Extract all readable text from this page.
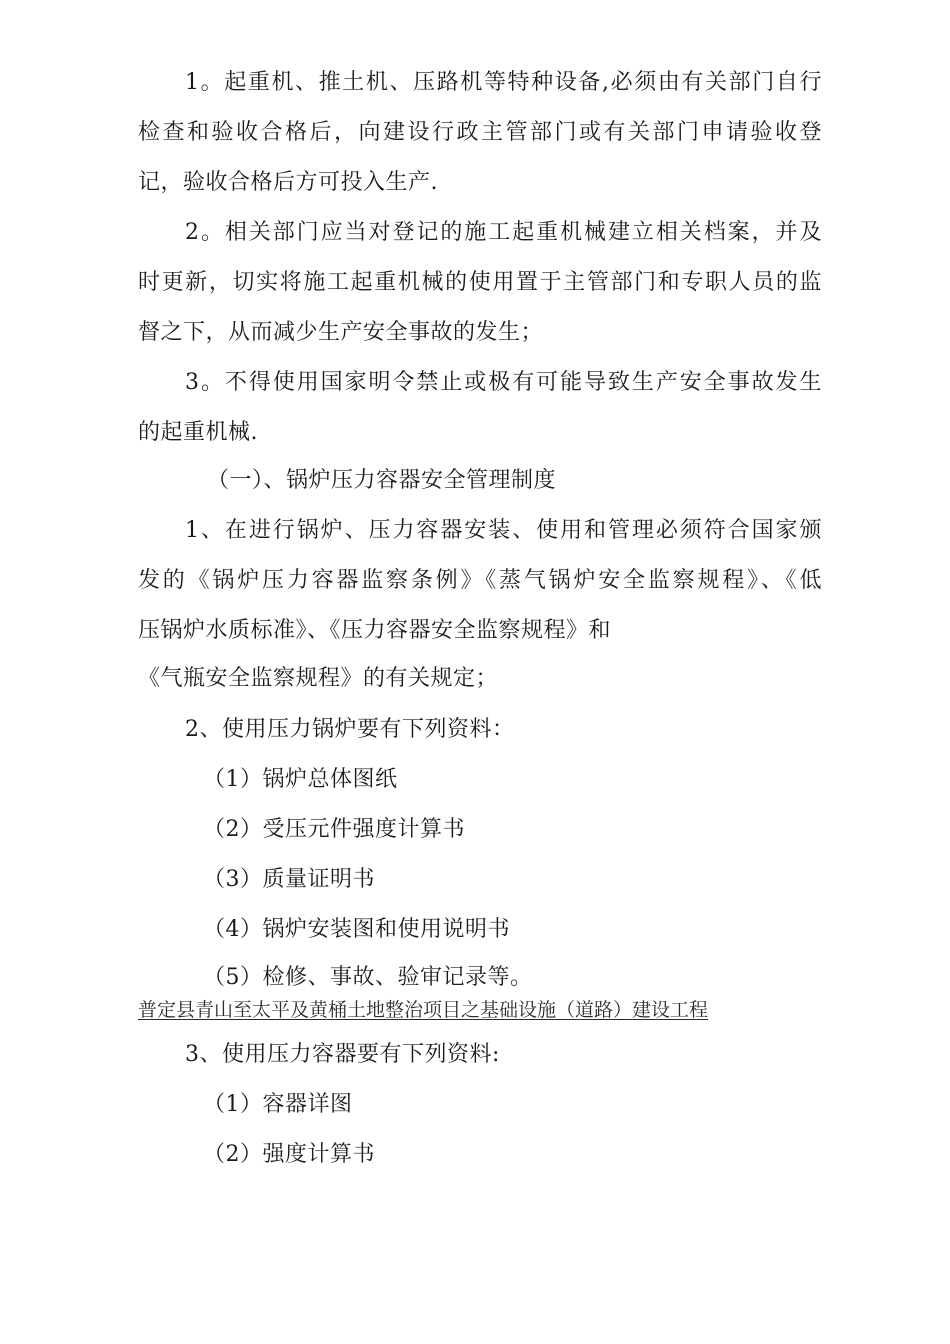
1。起重机、推土机、压路机等特种设备,必须由有关部门自行
检查和验收合格后，向建设行政主管部门或有关部门申请验收登
记，验收合格后方可投入生产.
2。相关部门应当对登记的施工起重机械建立相关档案，并及
时更新，切实将施工起重机械的使用置于主管部门和专职人员的监
督之下，从而减少生产安全事故的发生；
3。不得使用国家明令禁止或极有可能导致生产安全事故发生
的起重机械.
（一）、锅炉压力容器安全管理制度
1、在进行锅炉、压力容器安装、使用和管理必须符合国家颁
发的《锅炉压力容器监察条例》《蒸气锅炉安全监察规程》、《低
压锅炉水质标准》、《压力容器安全监察规程》和
《气瓶安全监察规程》的有关规定；
2、使用压力锅炉要有下列资料：
（1）锅炉总体图纸
（2）受压元件强度计算书
（3）质量证明书
（4）锅炉安装图和使用说明书
（5）检修、事故、验审记录等。
普定县青山至太平及黄桶土地整治项目之基础设施（道路）建设工程
3、使用压力容器要有下列资料:
（1）容器详图
（2）强度计算书
